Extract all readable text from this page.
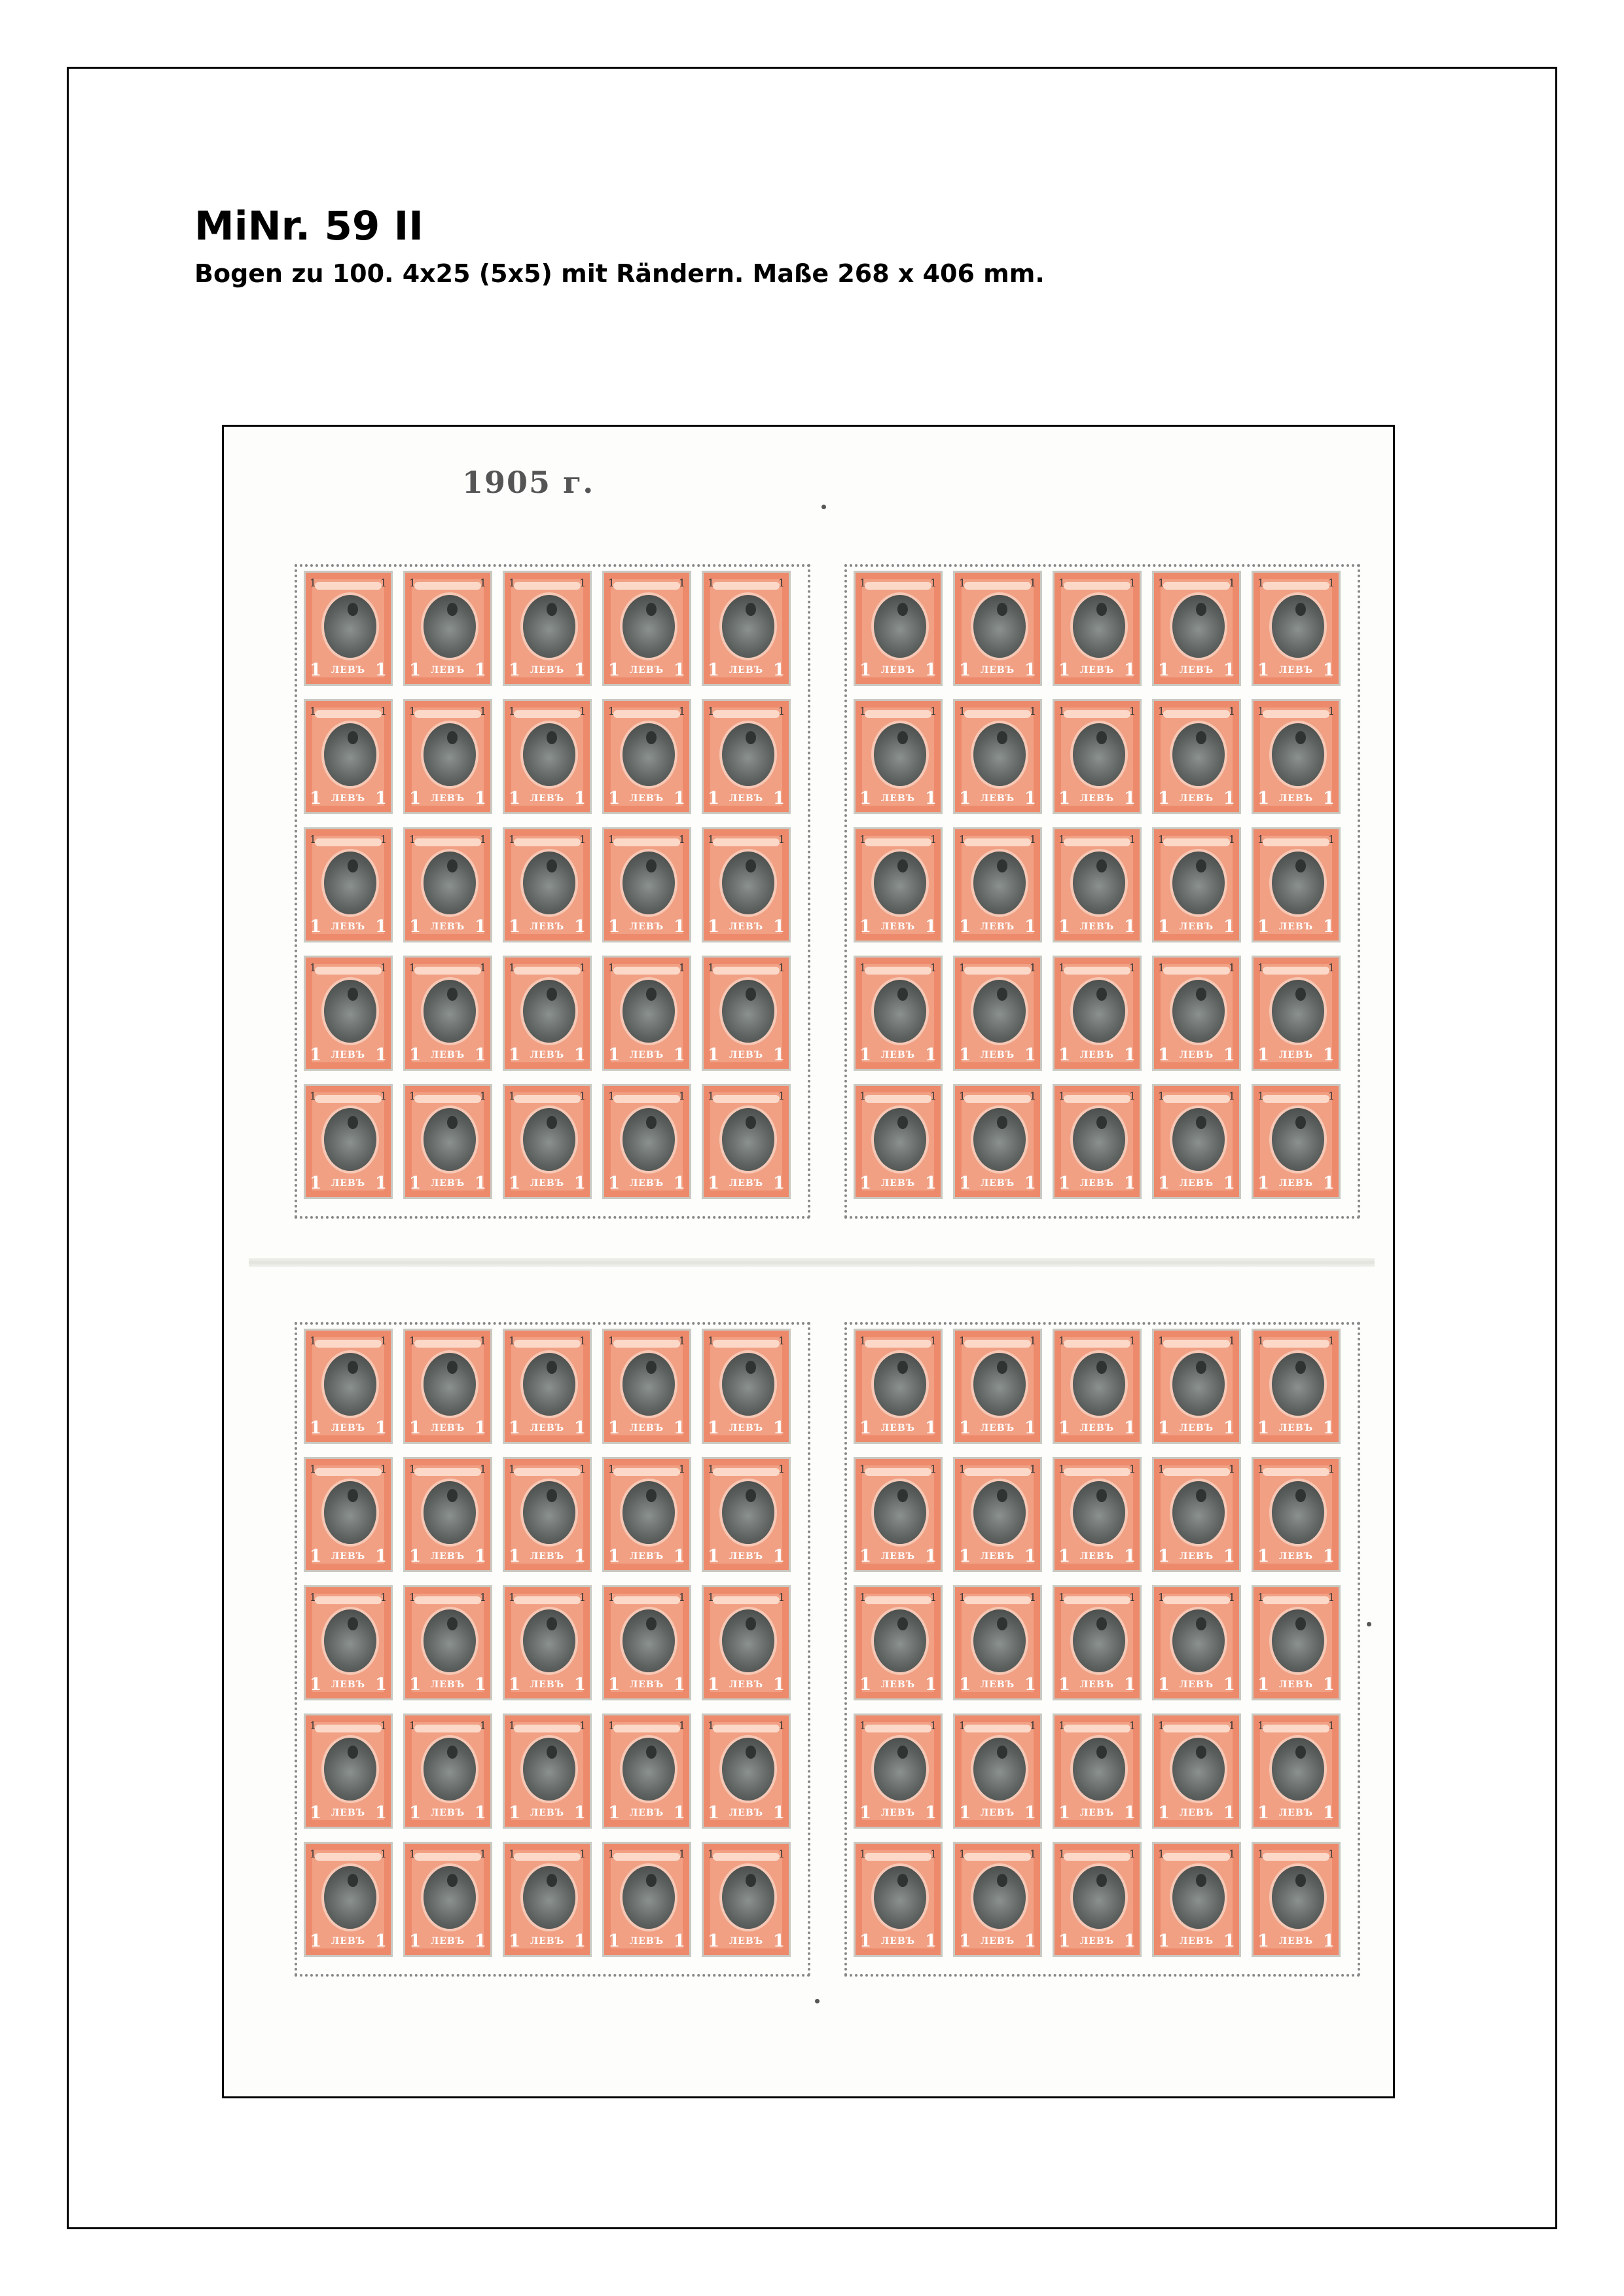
MiNr. 59 II

Bogen zu 100. 4x25 (5x5) mit Rändern. Maße 268 x 406 mm.

1905 г.
1	1
1 ЛЕВЪ 1
1	1
1 ЛЕВЪ 1
1	1
1 ЛЕВЪ 1
1	1
1 ЛЕВЪ 1
1	1
1 ЛЕВЪ 1
1	1
1 ЛЕВЪ 1
1	1
1 ЛЕВЪ 1
1	1
1 ЛЕВЪ 1
1	1
1 ЛЕВЪ 1
1	1
1 ЛЕВЪ 1
1	1
1 ЛЕВЪ 1
1	1
1 ЛЕВЪ 1
1	1
1 ЛЕВЪ 1
1	1
1 ЛЕВЪ 1
1	1
1 ЛЕВЪ 1
1	1
1 ЛЕВЪ 1
1	1
1 ЛЕВЪ 1
1	1
1 ЛЕВЪ 1
1	1
1 ЛЕВЪ 1
1	1
1 ЛЕВЪ 1
1	1
1 ЛЕВЪ 1
1	1
1 ЛЕВЪ 1
1	1
1 ЛЕВЪ 1
1	1
1 ЛЕВЪ 1
1	1
1 ЛЕВЪ 1
1	1
1 ЛЕВЪ 1
1	1
1 ЛЕВЪ 1
1	1
1 ЛЕВЪ 1
1	1
1 ЛЕВЪ 1
1	1
1 ЛЕВЪ 1
1	1
1 ЛЕВЪ 1
1	1
1 ЛЕВЪ 1
1	1
1 ЛЕВЪ 1
1	1
1 ЛЕВЪ 1
1	1
1 ЛЕВЪ 1
1	1
1 ЛЕВЪ 1
1	1
1 ЛЕВЪ 1
1	1
1 ЛЕВЪ 1
1	1
1 ЛЕВЪ 1
1	1
1 ЛЕВЪ 1
1	1
1 ЛЕВЪ 1
1	1
1 ЛЕВЪ 1
1	1
1 ЛЕВЪ 1
1	1
1 ЛЕВЪ 1
1	1
1 ЛЕВЪ 1
1	1
1 ЛЕВЪ 1
1	1
1 ЛЕВЪ 1
1	1
1 ЛЕВЪ 1
1	1
1 ЛЕВЪ 1
1	1
1 ЛЕВЪ 1
1	1
1 ЛЕВЪ 1
1	1
1 ЛЕВЪ 1
1	1
1 ЛЕВЪ 1
1	1
1 ЛЕВЪ 1
1	1
1 ЛЕВЪ 1
1	1
1 ЛЕВЪ 1
1	1
1 ЛЕВЪ 1
1	1
1 ЛЕВЪ 1
1	1
1 ЛЕВЪ 1
1	1
1 ЛЕВЪ 1
1	1
1 ЛЕВЪ 1
1	1
1 ЛЕВЪ 1
1	1
1 ЛЕВЪ 1
1	1
1 ЛЕВЪ 1
1	1
1 ЛЕВЪ 1
1	1
1 ЛЕВЪ 1
1	1
1 ЛЕВЪ 1
1	1
1 ЛЕВЪ 1
1	1
1 ЛЕВЪ 1
1	1
1 ЛЕВЪ 1
1	1
1 ЛЕВЪ 1
1	1
1 ЛЕВЪ 1
1	1
1 ЛЕВЪ 1
1	1
1 ЛЕВЪ 1
1	1
1 ЛЕВЪ 1
1	1
1 ЛЕВЪ 1
1	1
1 ЛЕВЪ 1
1	1
1 ЛЕВЪ 1
1	1
1 ЛЕВЪ 1
1	1
1 ЛЕВЪ 1
1	1
1 ЛЕВЪ 1
1	1
1 ЛЕВЪ 1
1	1
1 ЛЕВЪ 1
1	1
1 ЛЕВЪ 1
1	1
1 ЛЕВЪ 1
1	1
1 ЛЕВЪ 1
1	1
1 ЛЕВЪ 1
1	1
1 ЛЕВЪ 1
1	1
1 ЛЕВЪ 1
1	1
1 ЛЕВЪ 1
1	1
1 ЛЕВЪ 1
1	1
1 ЛЕВЪ 1
1	1
1 ЛЕВЪ 1
1	1
1 ЛЕВЪ 1
1	1
1 ЛЕВЪ 1
1	1
1 ЛЕВЪ 1
1	1
1 ЛЕВЪ 1
1	1
1 ЛЕВЪ 1
1	1
1 ЛЕВЪ 1
1	1
1 ЛЕВЪ 1
